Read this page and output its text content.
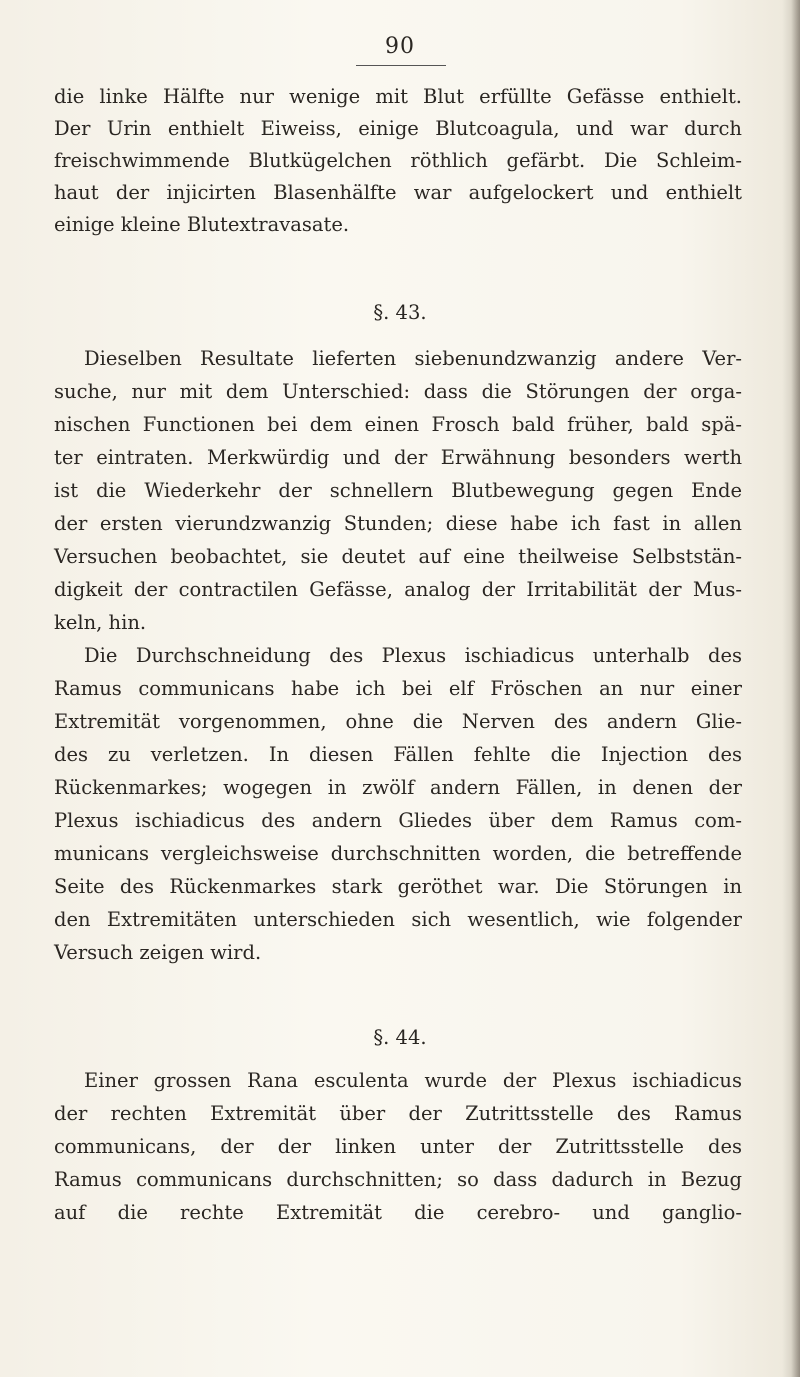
90
die linke Hälfte nur wenige mit Blut erfüllte Gefässe enthielt.
Der Urin enthielt Eiweiss, einige Blutcoagula, und war durch
freischwimmende Blutkügelchen röthlich gefärbt. Die Schleim-
haut der injicirten Blasenhälfte war aufgelockert und enthielt
einige kleine Blutextravasate.
§. 43.
Dieselben Resultate lieferten siebenundzwanzig andere Ver-
suche, nur mit dem Unterschied: dass die Störungen der orga-
nischen Functionen bei dem einen Frosch bald früher, bald spä-
ter eintraten. Merkwürdig und der Erwähnung besonders werth
ist die Wiederkehr der schnellern Blutbewegung gegen Ende
der ersten vierundzwanzig Stunden; diese habe ich fast in allen
Versuchen beobachtet, sie deutet auf eine theilweise Selbststän-
digkeit der contractilen Gefässe, analog der Irritabilität der Mus-
keln, hin.
Die Durchschneidung des Plexus ischiadicus unterhalb des
Ramus communicans habe ich bei elf Fröschen an nur einer
Extremität vorgenommen, ohne die Nerven des andern Glie-
des zu verletzen. In diesen Fällen fehlte die Injection des
Rückenmarkes; wogegen in zwölf andern Fällen, in denen der
Plexus ischiadicus des andern Gliedes über dem Ramus com-
municans vergleichsweise durchschnitten worden, die betreffende
Seite des Rückenmarkes stark geröthet war. Die Störungen in
den Extremitäten unterschieden sich wesentlich, wie folgender
Versuch zeigen wird.
§. 44.
Einer grossen Rana esculenta wurde der Plexus ischiadicus
der rechten Extremität über der Zutrittsstelle des Ramus
communicans, der der linken unter der Zutrittsstelle des
Ramus communicans durchschnitten; so dass dadurch in Bezug
auf die rechte Extremität die cerebro- und ganglio-
